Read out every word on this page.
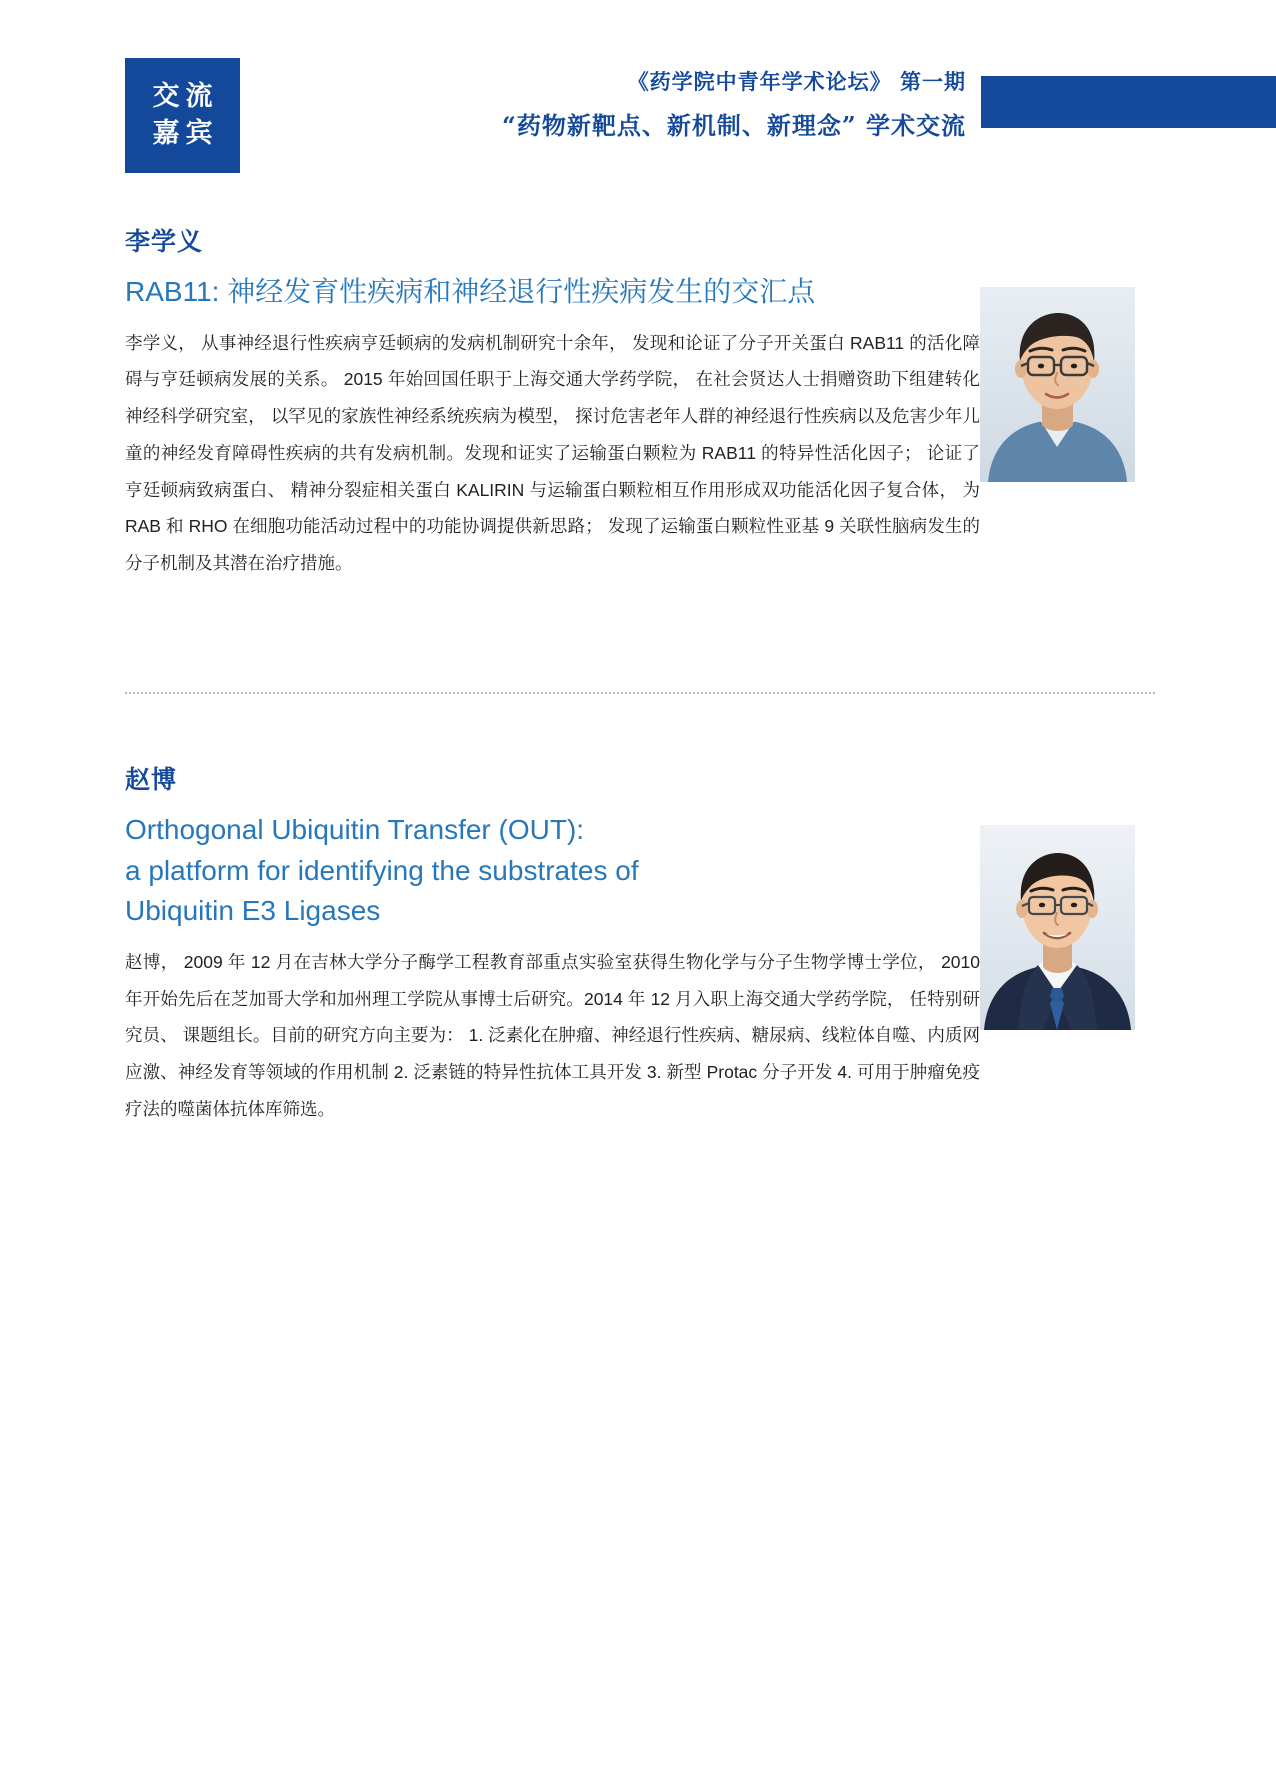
交流
嘉宾
《药学院中青年学术论坛》 第一期
“药物新靶点、新机制、新理念” 学术交流
李学义
RAB11: 神经发育性疾病和神经退行性疾病发生的交汇点

李学义， 从事神经退行性疾病亨廷顿病的发病机制研究十余年， 发现和论证了分子开关蛋白 RAB11 的活化障碍与亨廷顿病发展的关系。 2015 年始回国任职于上海交通大学药学院， 在社会贤达人士捐赠资助下组建转化神经科学研究室， 以罕见的家族性神经系统疾病为模型， 探讨危害老年人群的神经退行性疾病以及危害少年儿童的神经发育障碍性疾病的共有发病机制。发现和证实了运输蛋白颗粒为 RAB11 的特异性活化因子； 论证了亨廷顿病致病蛋白、 精神分裂症相关蛋白 KALIRIN 与运输蛋白颗粒相互作用形成双功能活化因子复合体， 为 RAB 和 RHO 在细胞功能活动过程中的功能协调提供新思路； 发现了运输蛋白颗粒性亚基 9 关联性脑病发生的分子机制及其潜在治疗措施。

赵博
Orthogonal Ubiquitin Transfer (OUT):
a platform for identifying the substrates of
Ubiquitin E3 Ligases

赵博， 2009 年 12 月在吉林大学分子酶学工程教育部重点实验室获得生物化学与分子生物学博士学位， 2010 年开始先后在芝加哥大学和加州理工学院从事博士后研究。2014 年 12 月入职上海交通大学药学院， 任特别研究员、 课题组长。目前的研究方向主要为： 1. 泛素化在肿瘤、神经退行性疾病、糖尿病、线粒体自噬、内质网应激、神经发育等领域的作用机制 2. 泛素链的特异性抗体工具开发 3. 新型 Protac 分子开发 4. 可用于肿瘤免疫疗法的噬菌体抗体库筛选。
